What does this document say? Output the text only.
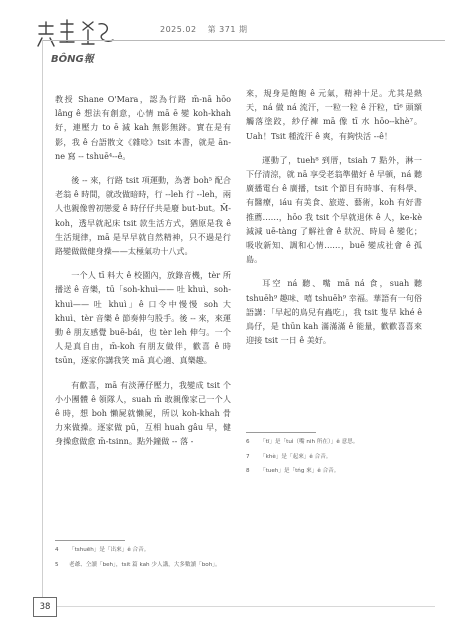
BÔNG報
2025.02 第 371 期

教授 Shane O'Mara，認為行路 m̄-nā hōo lâng ê 想法有創意，心情 mā ē 變 koh-khah 好，連壓力 to ē 減 kah 無影無跡。實在是有影，我 ê 台語散文《雜唸》tsit 本書，就是 ān-ne 寫 -- tshuē⁴--ê。

後 -- 來，行路 tsit 項運動，為著 boh⁵ 配合老翁 ê 時間，就改做暗時，行 --leh 行 --leh，兩人也親像曾初戀愛 ê 時仔仔共是廢 but-but。M̄-koh，透早就起床 tsit 款生活方式，猶原是我 ê 生活規律，mā 是早早就自然精神，只不過是行路變做做健身操——太極氣功十八式。

一个人 tī 料大 ê 校園內，放錄音機，tèr 所播送 ê 音樂，tū「soh-khuì—— 吐 khuì、soh-khuì—— 吐 khuì」ê 口令中慢慢 soh 大 khuì、tèr 音樂 ê 節奏伸勻股手。後 -- 來，來運動 ê 朋友感覺 buē-bái，也 tèr leh 伸勻。一个人是真自由，m̄-koh 有朋友做伴，歡喜 ê 時 tsūn，逐家你講我笑 mā 真心適、真樂趣。

有歡喜，mā 有淡薄仔壓力，我變成 tsit 个小小團體 ê 領隊人，suah m̄ 敢親像家己一个人 ê 時，想 boh 懶屍就懶屍，所以 koh-khah 骨力來做操。逐家做 pū，互相 huah gâu 早，健身操愈做愈 m̄-tsinn。點外鐘做 -- 落 -

來，規身是飽飽 ê 元氣，精神十足。尤其是熱天，ná 做 ná 流汗，一粒一粒 ê 汗粒，tī⁶ 頭額觸落塗跤，紗仔褲 mā 像 tī 水 hōo--khè⁷。Uah！Tsit 種流汗 ê 爽，有夠快活 --ê！

運動了，tueh⁸ 到厝，tsiah 7 點外，淋一下仔清涼，就 nā 享受老翁準備好 ê 早頓，ná 聽廣播電台 ê 廣播，tsit 个節目有時事、有科學、有醫療，iáu 有美食、旅遊、藝術，koh 有好書推薦……，hōo 我 tsit 个早就退休 ê 人，ke-kè 減減 uē-tàng 了解社會 ê 狀況、時局 ê 變化；吸收新知、調和心情……，buē 變成社會 ê 孤島。

耳空 ná 聽、嘴 mā ná 食，suah 聽 tshuēh⁹ 趣味、嘻 tshuēh⁹ 幸福。華語有一句俗語講：「早起的鳥兒有蟲吃」，我 tsit 隻早 khé ê 鳥仔，是 thūn kah 滿滿滿 ê 能量，歡歡喜喜來迎接 tsit 一日 ê 美好。

4	「tshuēh」是「出來」ê 合音。
5	老爺、仝讀「beh」，tsit 篇 kah 少人講，大多數讀「boh」。
6	「tī」是「tuì（嘴 nih 所在）」ê 意思。
7	「khè」是「起來」ê 合音。
8	「tueh」是「tńg 來」ê 合音。
38
